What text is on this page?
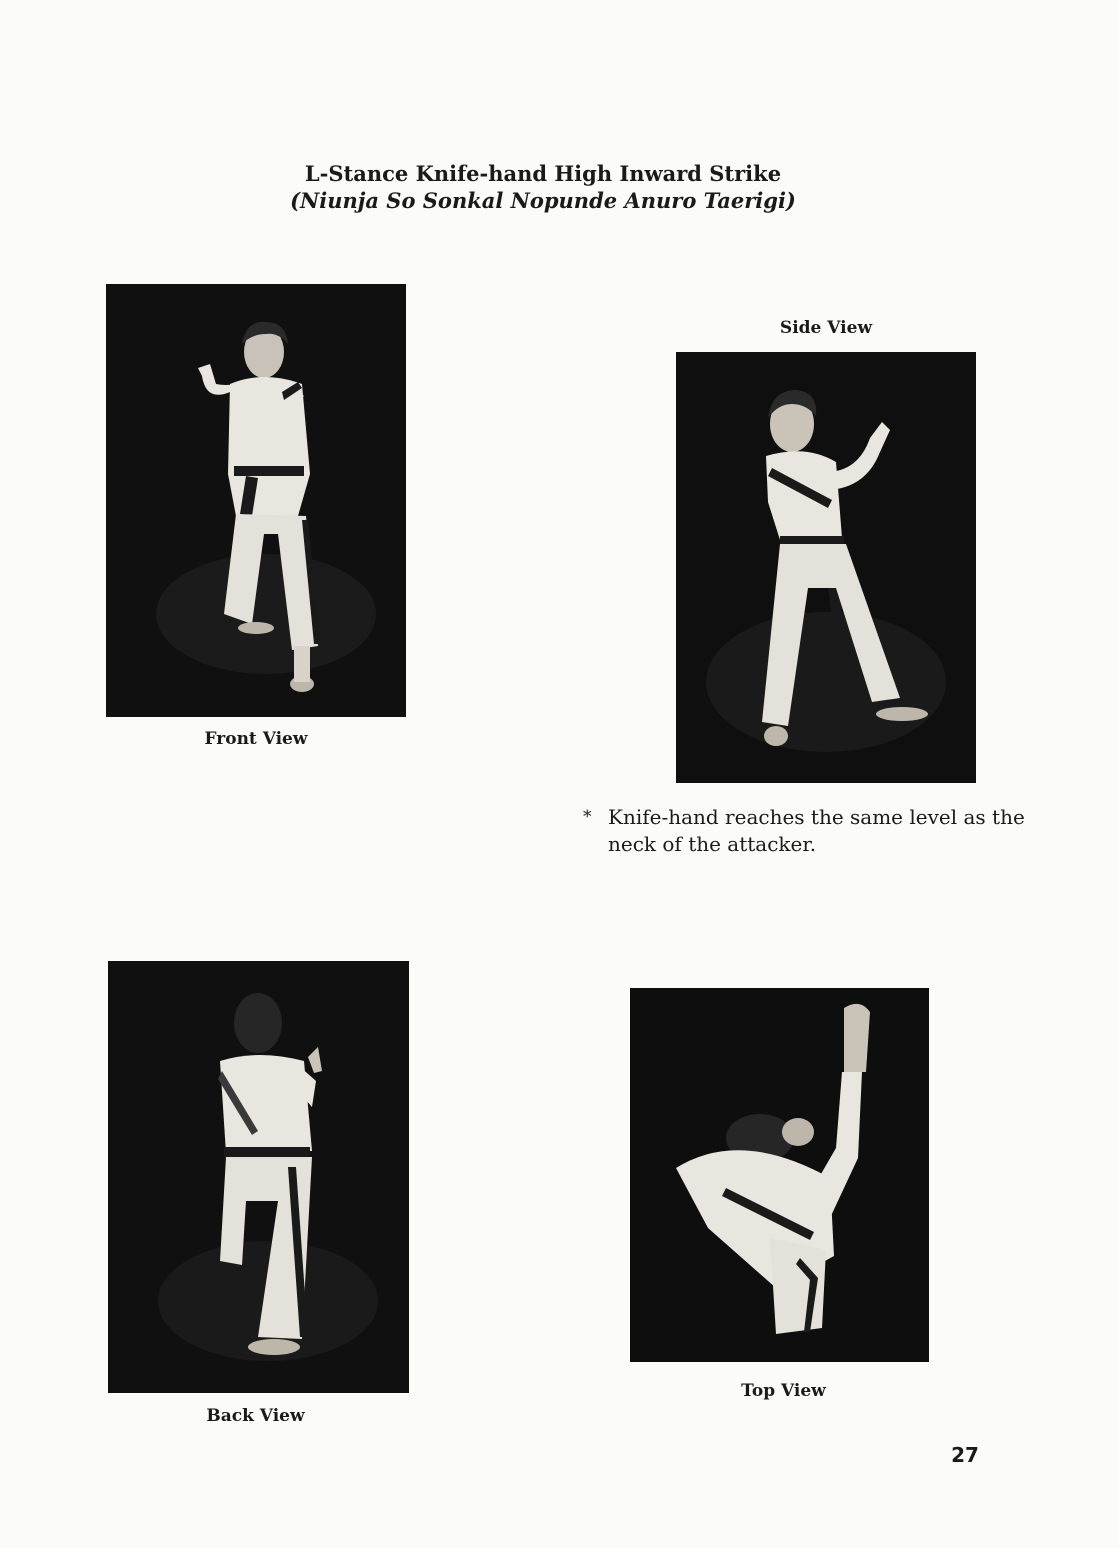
L-Stance Knife-hand High Inward Strike
(Niunja So Sonkal Nopunde Anuro Taerigi)
Front View
Side View
* Knife-hand reaches the same level as the neck of the attacker.
Back View
Top View
27
